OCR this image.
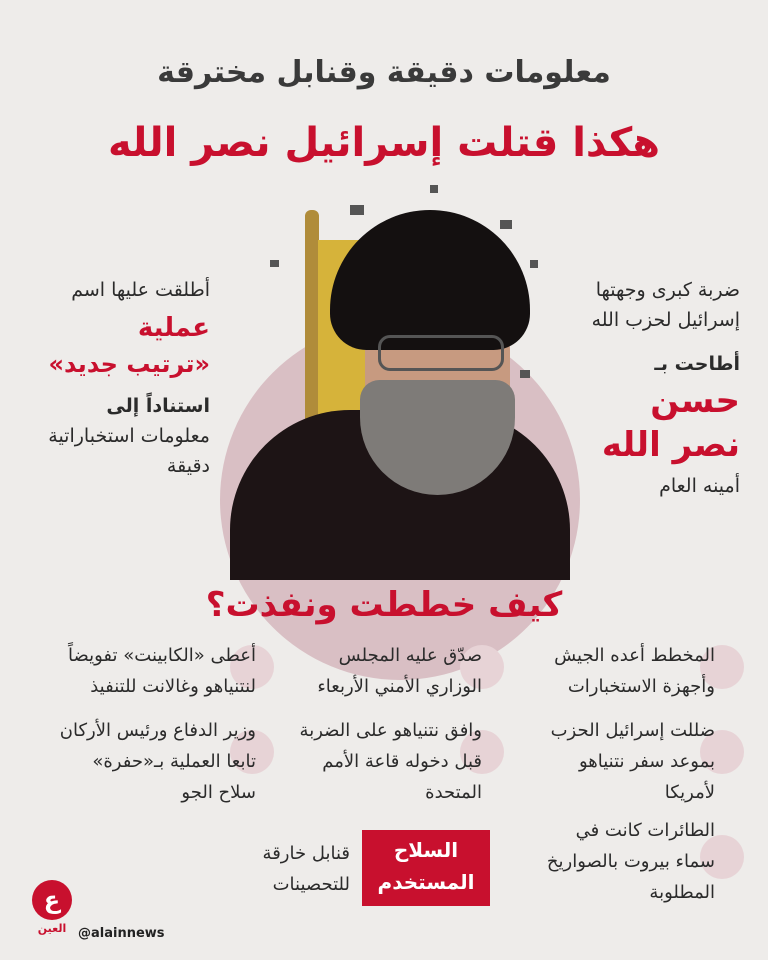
معلومات دقيقة وقنابل مخترقة
هكذا قتلت إسرائيل نصر الله
أطلقت عليها اسم
عملية
«ترتيب جديد»
استناداً إلى
معلومات استخباراتية
دقيقة
ضربة كبرى وجهتها
إسرائيل لحزب الله
أطاحت بـ
حسن
نصر الله
أمينه العام
كيف خططت ونفذت؟
المخطط أعده الجيش
وأجهزة الاستخبارات
صدّق عليه المجلس
الوزاري الأمني الأربعاء
أعطى «الكابينت» تفويضاً
لنتنياهو وغالانت للتنفيذ
ضللت إسرائيل الحزب
بموعد سفر نتنياهو
لأمريكا
وافق نتنياهو على الضربة
قبل دخوله قاعة الأمم
المتحدة
وزير الدفاع ورئيس الأركان
تابعا العملية بـ«حفرة»
سلاح الجو
الطائرات كانت في
سماء بيروت بالصواريخ
المطلوبة
السلاح
المستخدم
قنابل خارقة
للتحصينات
ع
العين @alainnews
